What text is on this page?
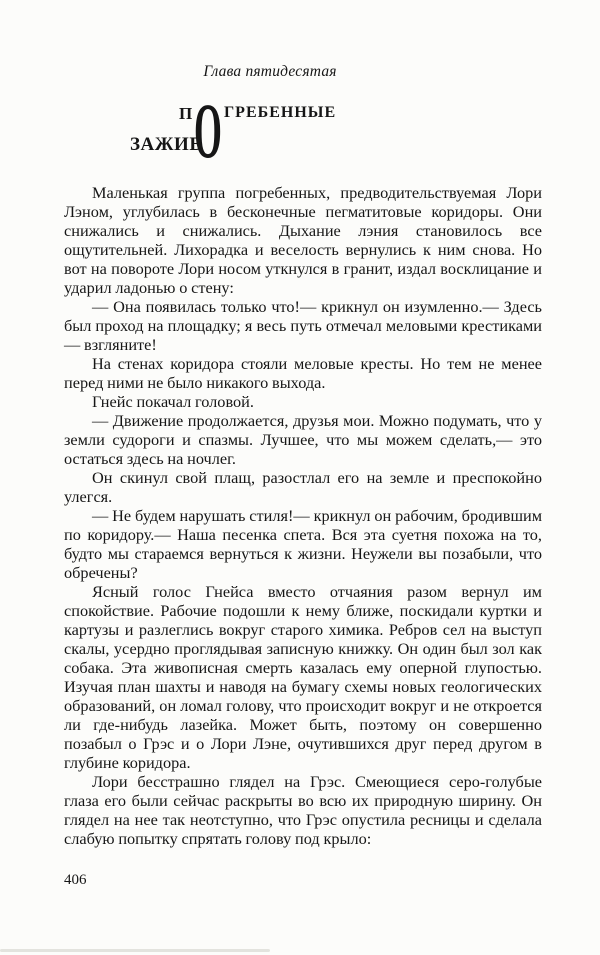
Глава пятидесятая
П О ГРЕБЕННЫЕ
ЗАЖИВ

Маленькая группа погребенных, предводительствуемая Лори Лэном, углубилась в бесконечные пегматитовые коридоры. Они снижались и снижались. Дыхание лэния становилось все ощутительней. Лихорадка и веселость вернулись к ним снова. Но вот на повороте Лори носом уткнулся в гранит, издал восклицание и ударил ладонью о стену:

— Она появилась только что!— крикнул он изумленно.— Здесь был проход на площадку; я весь путь отмечал меловыми крестиками — взгляните!

На стенах коридора стояли меловые кресты. Но тем не менее перед ними не было никакого выхода.

Гнейс покачал головой.

— Движение продолжается, друзья мои. Можно подумать, что у земли судороги и спазмы. Лучшее, что мы можем сделать,— это остаться здесь на ночлег.

Он скинул свой плащ, разостлал его на земле и преспокойно улегся.

— Не будем нарушать стиля!— крикнул он рабочим, бродившим по коридору.— Наша песенка спета. Вся эта суетня похожа на то, будто мы стараемся вернуться к жизни. Неужели вы позабыли, что обречены?

Ясный голос Гнейса вместо отчаяния разом вернул им спокойствие. Рабочие подошли к нему ближе, поскидали куртки и картузы и разлеглись вокруг старого химика. Ребров сел на выступ скалы, усердно проглядывая записную книжку. Он один был зол как собака. Эта живописная смерть казалась ему оперной глупостью. Изучая план шахты и наводя на бумагу схемы новых геологических образований, он ломал голову, что происходит вокруг и не откроется ли где-нибудь лазейка. Может быть, поэтому он совершенно позабыл о Грэс и о Лори Лэне, очутившихся друг перед другом в глубине коридора.

Лори бесстрашно глядел на Грэс. Смеющиеся серо-голубые глаза его были сейчас раскрыты во всю их природную ширину. Он глядел на нее так неотступно, что Грэс опустила ресницы и сделала слабую попытку спрятать голову под крыло:

406
